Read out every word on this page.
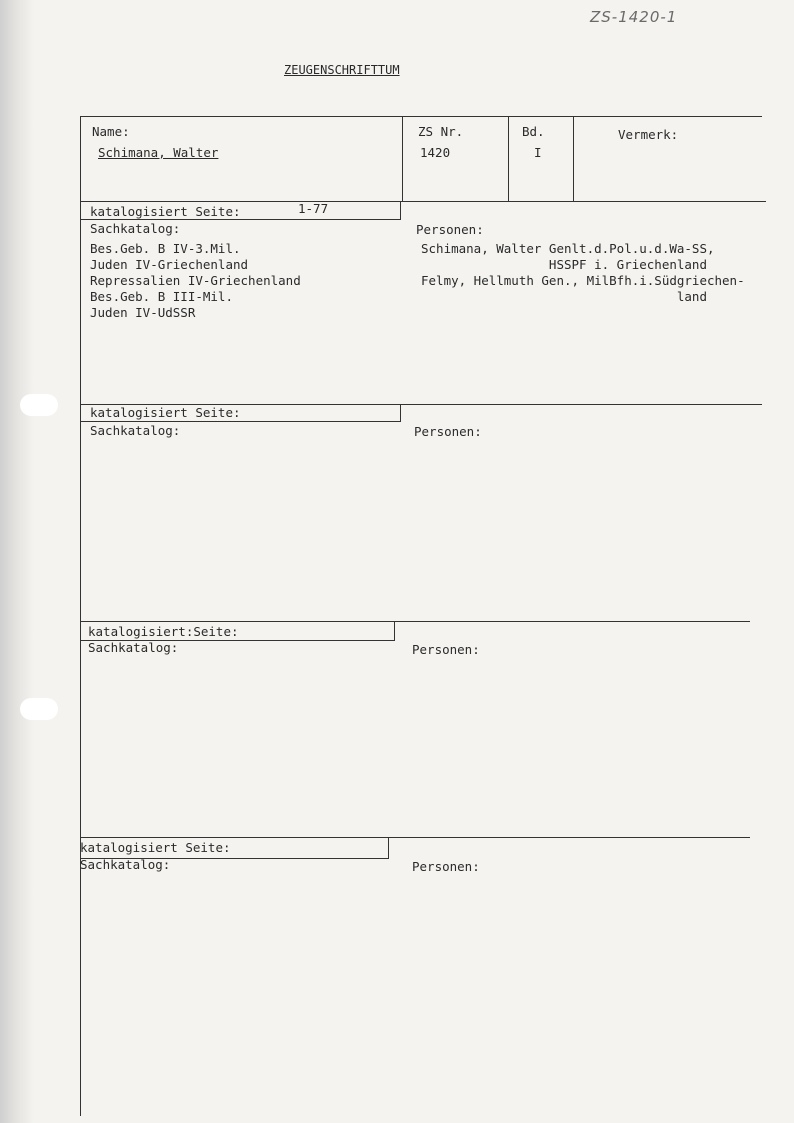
ZS-1420-1
ZEUGENSCHRIFTTUM
Name:
Schimana, Walter
ZS Nr.
1420
Bd.
I
Vermerk:
katalogisiert Seite:	1-77
Sachkatalog:
Bes.Geb. B IV-3.Mil.
Juden IV-Griechenland
Repressalien IV-Griechenland
Bes.Geb. B III-Mil.
Juden IV-UdSSR
Personen:
Schimana, Walter Genlt.d.Pol.u.d.Wa-SS,
HSSPF i. Griechenland
Felmy, Hellmuth Gen., MilBfh.i.Südgriechen-
land
katalogisiert Seite:
Sachkatalog:	Personen:
katalogisiert:Seite:
Sachkatalog:	Personen:
katalogisiert Seite:
Sachkatalog:	Personen:
